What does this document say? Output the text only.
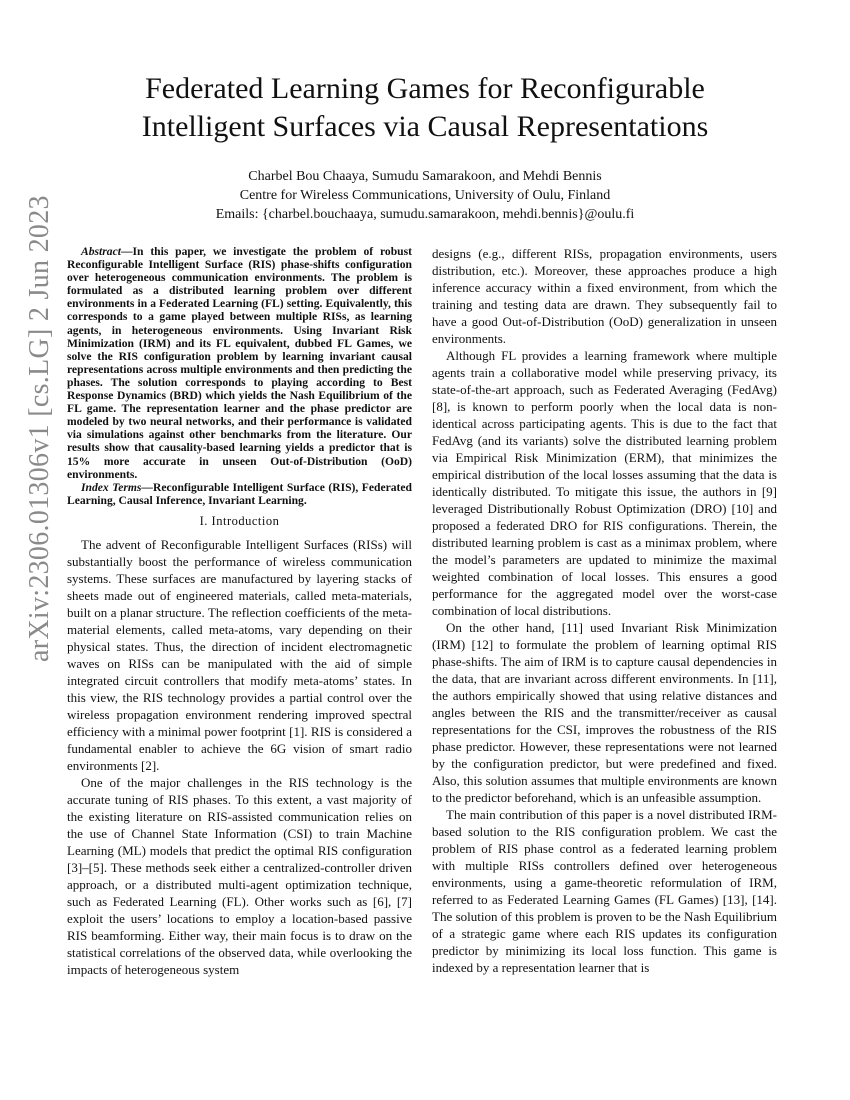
arXiv:2306.01306v1 [cs.LG] 2 Jun 2023
Federated Learning Games for Reconfigurable
Intelligent Surfaces via Causal Representations
Charbel Bou Chaaya, Sumudu Samarakoon, and Mehdi Bennis
Centre for Wireless Communications, University of Oulu, Finland
Emails: {charbel.bouchaaya, sumudu.samarakoon, mehdi.bennis}@oulu.fi

Abstract—In this paper, we investigate the problem of robust Reconfigurable Intelligent Surface (RIS) phase-shifts configuration over heterogeneous communication environments. The problem is formulated as a distributed learning problem over different environments in a Federated Learning (FL) setting. Equivalently, this corresponds to a game played between multiple RISs, as learning agents, in heterogeneous environments. Using Invariant Risk Minimization (IRM) and its FL equivalent, dubbed FL Games, we solve the RIS configuration problem by learning invariant causal representations across multiple environments and then predicting the phases. The solution corresponds to playing according to Best Response Dynamics (BRD) which yields the Nash Equilibrium of the FL game. The representation learner and the phase predictor are modeled by two neural networks, and their performance is validated via simulations against other benchmarks from the literature. Our results show that causality-based learning yields a predictor that is 15% more accurate in unseen Out-of-Distribution (OoD) environments.

Index Terms—Reconfigurable Intelligent Surface (RIS), Federated Learning, Causal Inference, Invariant Learning.

I. Introduction

The advent of Reconfigurable Intelligent Surfaces (RISs) will substantially boost the performance of wireless communication systems. These surfaces are manufactured by layering stacks of sheets made out of engineered materials, called meta-materials, built on a planar structure. The reflection coefficients of the meta-material elements, called meta-atoms, vary depending on their physical states. Thus, the direction of incident electromagnetic waves on RISs can be manipulated with the aid of simple integrated circuit controllers that modify meta-atoms’ states. In this view, the RIS technology provides a partial control over the wireless propagation environment rendering improved spectral efficiency with a minimal power footprint [1]. RIS is considered a fundamental enabler to achieve the 6G vision of smart radio environments [2].

One of the major challenges in the RIS technology is the accurate tuning of RIS phases. To this extent, a vast majority of the existing literature on RIS-assisted communication relies on the use of Channel State Information (CSI) to train Machine Learning (ML) models that predict the optimal RIS configuration [3]–[5]. These methods seek either a centralized-controller driven approach, or a distributed multi-agent optimization technique, such as Federated Learning (FL). Other works such as [6], [7] exploit the users’ locations to employ a location-based passive RIS beamforming. Either way, their main focus is to draw on the statistical correlations of the observed data, while overlooking the impacts of heterogeneous system

designs (e.g., different RISs, propagation environments, users distribution, etc.). Moreover, these approaches produce a high inference accuracy within a fixed environment, from which the training and testing data are drawn. They subsequently fail to have a good Out-of-Distribution (OoD) generalization in unseen environments.

Although FL provides a learning framework where multiple agents train a collaborative model while preserving privacy, its state-of-the-art approach, such as Federated Averaging (FedAvg) [8], is known to perform poorly when the local data is non-identical across participating agents. This is due to the fact that FedAvg (and its variants) solve the distributed learning problem via Empirical Risk Minimization (ERM), that minimizes the empirical distribution of the local losses assuming that the data is identically distributed. To mitigate this issue, the authors in [9] leveraged Distributionally Robust Optimization (DRO) [10] and proposed a federated DRO for RIS configurations. Therein, the distributed learning problem is cast as a minimax problem, where the model’s parameters are updated to minimize the maximal weighted combination of local losses. This ensures a good performance for the aggregated model over the worst-case combination of local distributions.

On the other hand, [11] used Invariant Risk Minimization (IRM) [12] to formulate the problem of learning optimal RIS phase-shifts. The aim of IRM is to capture causal dependencies in the data, that are invariant across different environments. In [11], the authors empirically showed that using relative distances and angles between the RIS and the transmitter/receiver as causal representations for the CSI, improves the robustness of the RIS phase predictor. However, these representations were not learned by the configuration predictor, but were predefined and fixed. Also, this solution assumes that multiple environments are known to the predictor beforehand, which is an unfeasible assumption.

The main contribution of this paper is a novel distributed IRM-based solution to the RIS configuration problem. We cast the problem of RIS phase control as a federated learning problem with multiple RISs controllers defined over heterogeneous environments, using a game-theoretic reformulation of IRM, referred to as Federated Learning Games (FL Games) [13], [14]. The solution of this problem is proven to be the Nash Equilibrium of a strategic game where each RIS updates its configuration predictor by minimizing its local loss function. This game is indexed by a representation learner that is
